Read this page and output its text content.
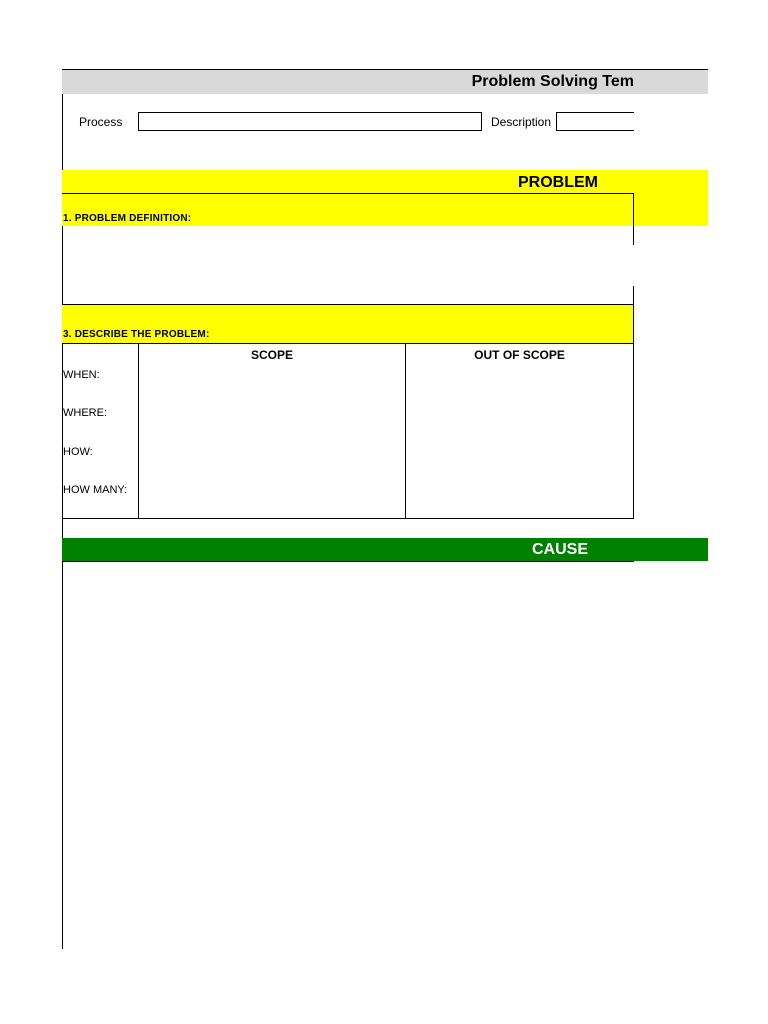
Problem Solving Tem
Process	Description
PROBLEM
1. PROBLEM DEFINITION:
3. DESCRIBE THE PROBLEM:
SCOPE	OUT OF SCOPE
WHEN:
WHERE:
HOW:
HOW MANY:
CAUSE
